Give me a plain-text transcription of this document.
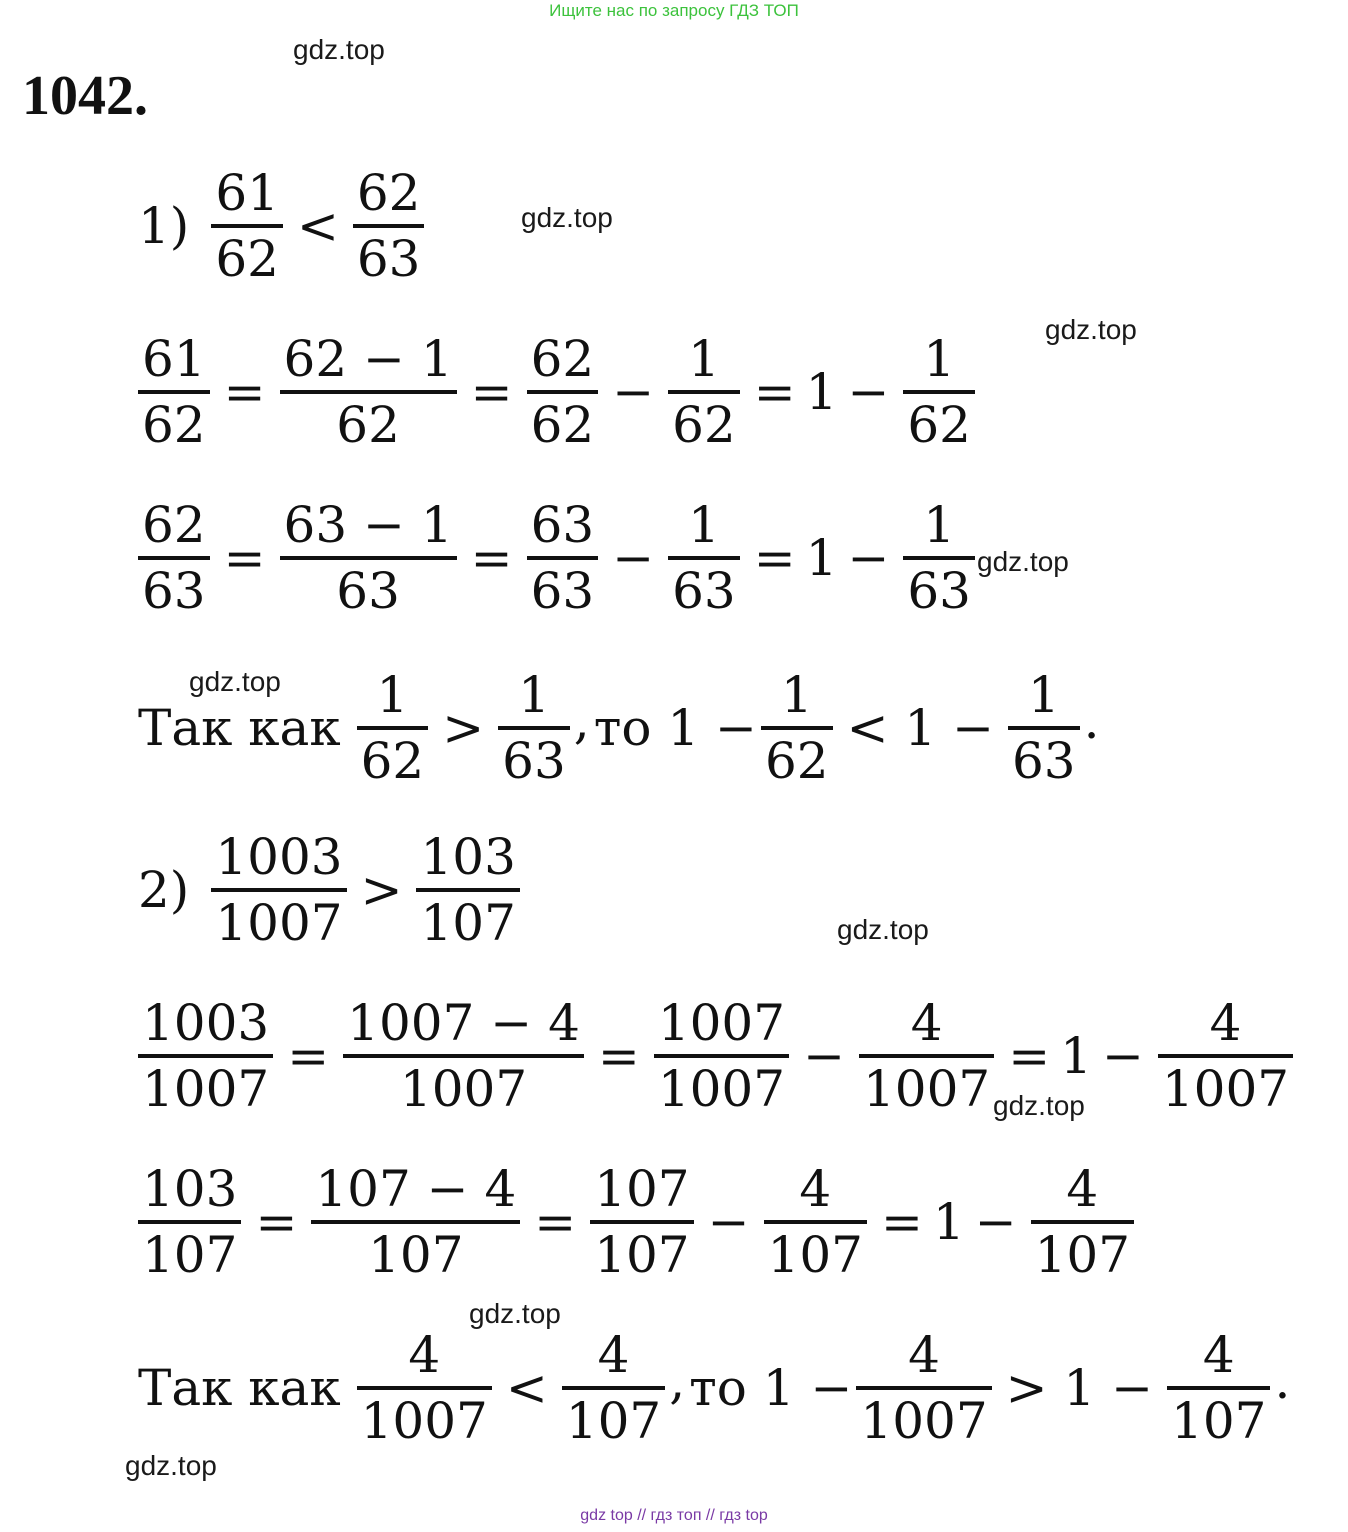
Ищите нас по запросу ГДЗ ТОП
gdz.top
gdz.top
gdz.top
gdz.top
gdz.top
gdz.top
gdz.top
gdz.top
gdz.top
1042.
$1) \frac{61}{62} < \frac{62}{63}$
$\frac{61}{62} = \frac{62 - 1}{62} = \frac{62}{62} - \frac{1}{62} = 1 - \frac{1}{62}$
$\frac{62}{63} = \frac{63 - 1}{63} = \frac{63}{63} - \frac{1}{63} = 1 - \frac{1}{63}$
Так как $\frac{1}{62} > \frac{1}{63}$ , то $1 - \frac{1}{62} < 1 - \frac{1}{63}$ .
$2) \frac{1003}{1007} > \frac{103}{107}$
$\frac{1003}{1007} = \frac{1007 - 4}{1007} = \frac{1007}{1007} - \frac{4}{1007} = 1 - \frac{4}{1007}$
$\frac{103}{107} = \frac{107 - 4}{107} = \frac{107}{107} - \frac{4}{107} = 1 - \frac{4}{107}$
Так как $\frac{4}{1007} < \frac{4}{107}$ , то $1 - \frac{4}{1007} > 1 - \frac{4}{107}$ .
gdz top // гдз топ // гдз top
